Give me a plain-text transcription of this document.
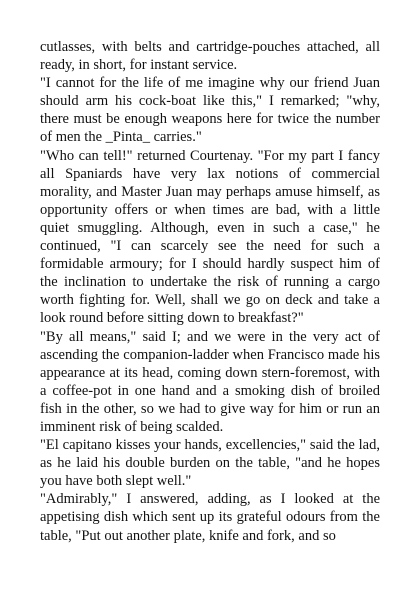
cutlasses, with belts and cartridge-pouches attached, all ready, in short, for instant service.

"I cannot for the life of me imagine why our friend Juan should arm his cock-boat like this," I remarked; "why, there must be enough weapons here for twice the number of men the _Pinta_ carries."

"Who can tell!" returned Courtenay. "For my part I fancy all Spaniards have very lax notions of commercial morality, and Master Juan may perhaps amuse himself, as opportunity offers or when times are bad, with a little quiet smuggling. Although, even in such a case," he continued, "I can scarcely see the need for such a formidable armoury; for I should hardly suspect him of the inclination to undertake the risk of running a cargo worth fighting for. Well, shall we go on deck and take a look round before sitting down to breakfast?"

"By all means," said I; and we were in the very act of ascending the companion-ladder when Francisco made his appearance at its head, coming down stern-foremost, with a coffee-pot in one hand and a smoking dish of broiled fish in the other, so we had to give way for him or run an imminent risk of being scalded.

"El capitano kisses your hands, excellencies," said the lad, as he laid his double burden on the table, "and he hopes you have both slept well."

"Admirably," I answered, adding, as I looked at the appetising dish which sent up its grateful odours from the table, "Put out another plate, knife and fork, and so
